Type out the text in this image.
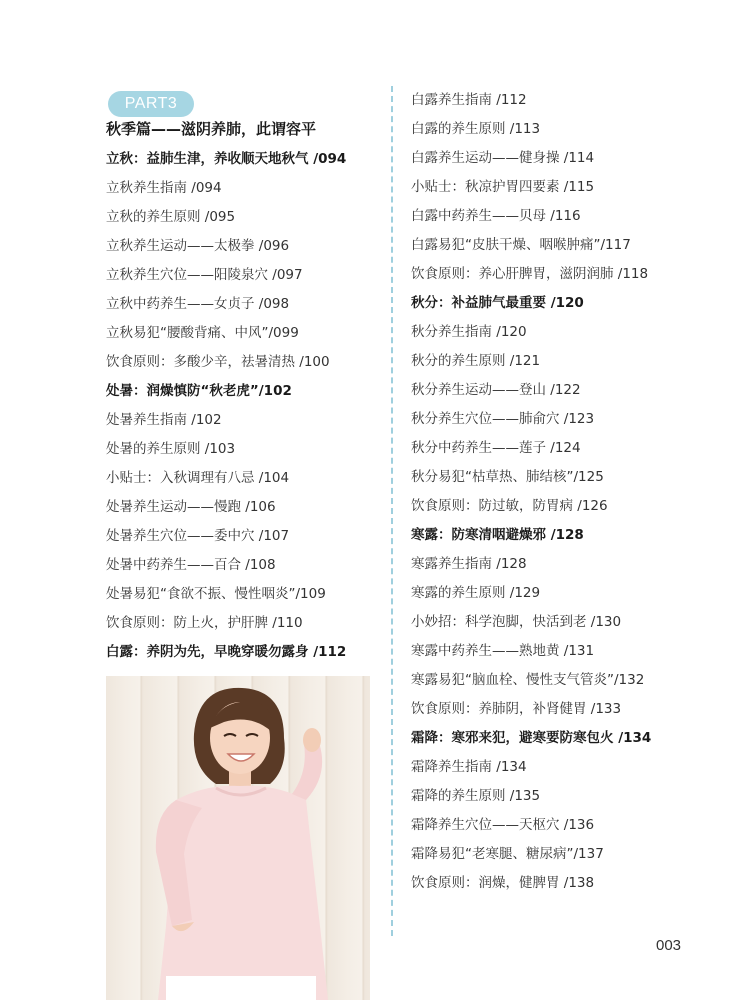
PART3
秋季篇——滋阴养肺，此谓容平
立秋：益肺生津，养收顺天地秋气 /094
立秋养生指南 /094
立秋的养生原则 /095
立秋养生运动——太极拳 /096
立秋养生穴位——阳陵泉穴 /097
立秋中药养生——女贞子 /098
立秋易犯“腰酸背痛、中风”/099
饮食原则：多酸少辛，祛暑清热 /100
处暑：润燥慎防“秋老虎”/102
处暑养生指南 /102
处暑的养生原则 /103
小贴士：入秋调理有八忌 /104
处暑养生运动——慢跑 /106
处暑养生穴位——委中穴 /107
处暑中药养生——百合 /108
处暑易犯“食欲不振、慢性咽炎”/109
饮食原则：防上火，护肝脾 /110
白露：养阴为先，早晚穿暖勿露身 /112
白露养生指南 /112
白露的养生原则 /113
白露养生运动——健身操 /114
小贴士：秋凉护胃四要素 /115
白露中药养生——贝母 /116
白露易犯“皮肤干燥、咽喉肿痛”/117
饮食原则：养心肝脾胃，滋阴润肺 /118
秋分：补益肺气最重要 /120
秋分养生指南 /120
秋分的养生原则 /121
秋分养生运动——登山 /122
秋分养生穴位——肺俞穴 /123
秋分中药养生——莲子 /124
秋分易犯“枯草热、肺结核”/125
饮食原则：防过敏，防胃病 /126
寒露：防寒清咽避燥邪 /128
寒露养生指南 /128
寒露的养生原则 /129
小妙招：科学泡脚，快活到老 /130
寒露中药养生——熟地黄 /131
寒露易犯“脑血栓、慢性支气管炎”/132
饮食原则：养肺阴，补肾健胃 /133
霜降：寒邪来犯，避寒要防寒包火 /134
霜降养生指南 /134
霜降的养生原则 /135
霜降养生穴位——天枢穴 /136
霜降易犯“老寒腿、糖尿病”/137
饮食原则：润燥，健脾胃 /138
003
